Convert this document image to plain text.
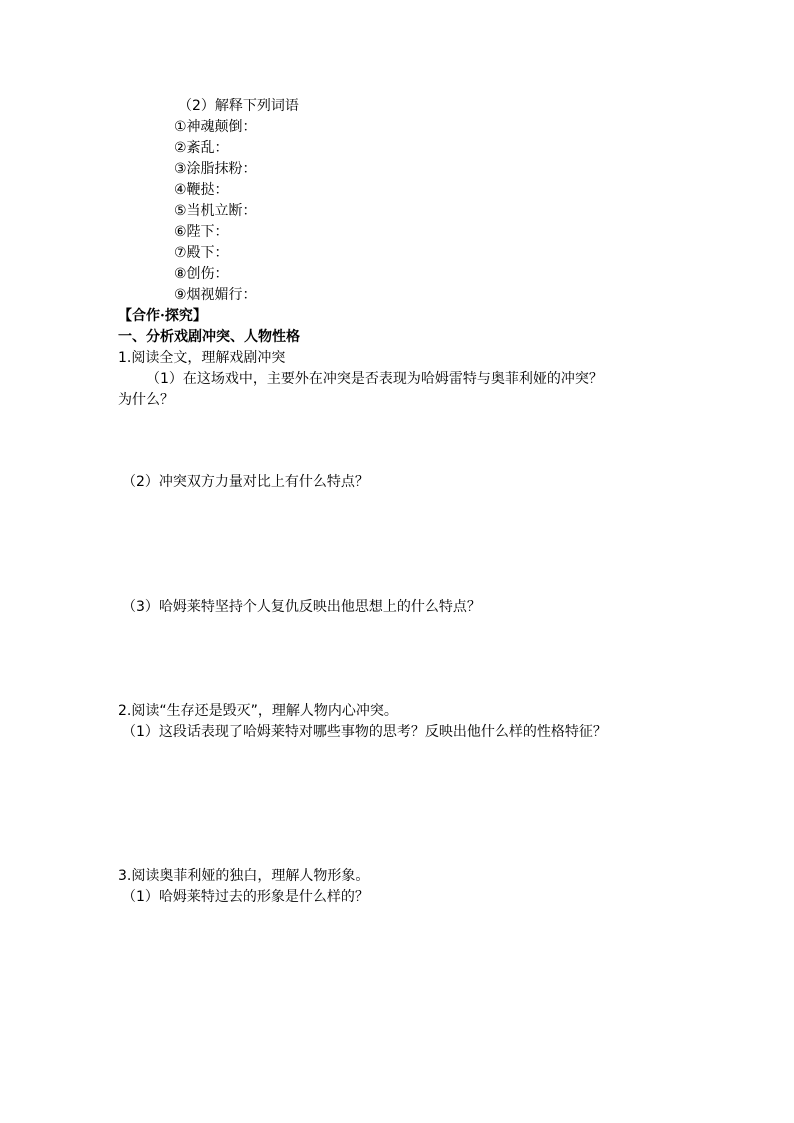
（2）解释下列词语
①神魂颠倒：
②紊乱：
③涂脂抹粉：
④鞭挞：
⑤当机立断：
⑥陛下：
⑦殿下：
⑧创伤：
⑨烟视媚行：
【合作·探究】
一、分析戏剧冲突、人物性格
1.阅读全文，理解戏剧冲突
（1）在这场戏中，主要外在冲突是否表现为哈姆雷特与奥菲利娅的冲突？
为什么？
（2）冲突双方力量对比上有什么特点？
（3）哈姆莱特坚持个人复仇反映出他思想上的什么特点？
2.阅读“生存还是毁灭”，理解人物内心冲突。
（1）这段话表现了哈姆莱特对哪些事物的思考？反映出他什么样的性格特征？
3.阅读奥菲利娅的独白，理解人物形象。
（1）哈姆莱特过去的形象是什么样的？
